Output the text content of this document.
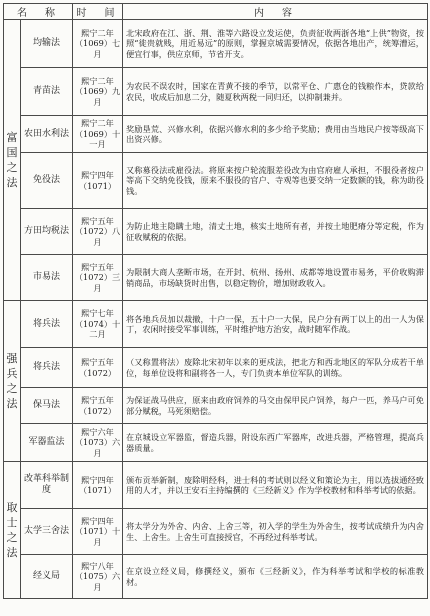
名　称		时　间	内　容
富国之法	均输法	熙宁二年（1069）七月	北宋政府在江、浙、荆、淮等六路设立发运使，负责征收两浙各地“上供”物资，按照“徙贵就贱，用近易远”的原则，掌握京城需要情况，依据各地出产，统筹漕运，便宜行事，供应京师，节省开支。
	青苗法	熙宁二年（1069）九月	为农民不误农时，国家在青黄不接的季节，以常平仓、广惠仓的钱粮作本，贷款给农民，收成后加息二分，随夏秋两税一同归还，以抑制兼并。
	农田水利法	熙宁二年（1069）十一月	奖励垦荒、兴修水利，依据兴修水利的多少给予奖励；费用由当地民户按等级高下出资兴修。
	免役法	熙宁四年（1071）	又称募役法或雇役法。将原来按户轮流服差役改为由官府雇人承担，不服役者按户等高下交纳免役钱，原来不服役的官户、寺观等也要交纳一定数额的钱，称为助役钱。
	方田均税法	熙宁五年（1072）八月	为防止地主隐瞒土地，清丈土地，核实土地所有者，并按土地肥瘠分等定税，作为征收赋税的依据。
	市易法	熙宁五年（1072）三月	为限制大商人垄断市场，在开封、杭州、扬州、成都等地设置市易务，平价收购滞销商品，市场缺货时出售，以稳定物价，增加财政收入。
强兵之法	将兵法	熙宁七年（1074）十二月	将各地兵员加以裁撤，十户一保，五十户一大保，民户分有两丁以上的出一人为保丁，农闲时接受军事训练，平时维护地方治安，战时随军作战。
	将兵法	熙宁五年（1072）	（又称置将法）废除北宋初年以来的更戍法，把北方和西北地区的军队分成若干单位，每单位设将和副将各一人，专门负责本单位军队的训练。
	保马法	熙宁五年（1072）	为保证战马供应，原来由政府饲养的马交由保甲民户饲养，每户一匹，养马户可免部分赋税，马死须赔偿。
	军器监法	熙宁六年（1073）六月	在京城设立军器监，督造兵器，附设东西广军器库，改进兵器，严格管理，提高兵器质量。
取士之法	改革科举制度	熙宁四年（1071）	颁布贡举新制，废除明经科，进士科的考试则以经义和策论为主，用以选拔通经致用的人才，并以王安石主持编撰的《三经新义》作为学校教材和科举考试的依据。
	太学三舍法	熙宁四年（1071）十月	将太学分为外舍、内舍、上舍三等，初入学的学生为外舍生，按考试成绩升为内舍生、上舍生。上舍生可直接授官，不再经过科举考试。
	经义局	熙宁八年（1075）六月	在京设立经义局，修撰经义，颁布《三经新义》，作为科举考试和学校的标准教材。
